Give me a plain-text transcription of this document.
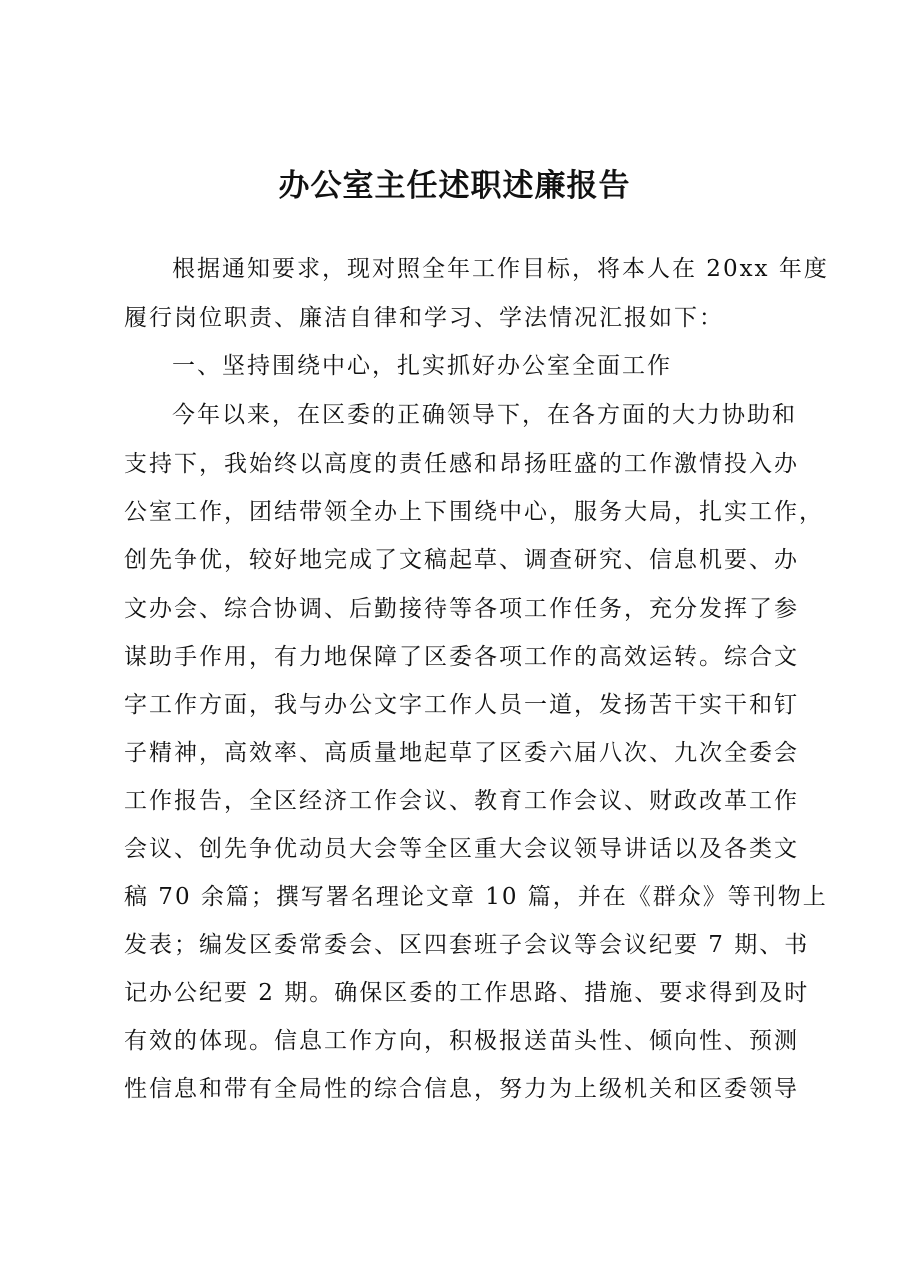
办公室主任述职述廉报告
根据通知要求，现对照全年工作目标，将本人在 20xx 年度
履行岗位职责、廉洁自律和学习、学法情况汇报如下：
一、坚持围绕中心，扎实抓好办公室全面工作
今年以来，在区委的正确领导下，在各方面的大力协助和
支持下，我始终以高度的责任感和昂扬旺盛的工作激情投入办
公室工作，团结带领全办上下围绕中心，服务大局，扎实工作，
创先争优，较好地完成了文稿起草、调查研究、信息机要、办
文办会、综合协调、后勤接待等各项工作任务，充分发挥了参
谋助手作用，有力地保障了区委各项工作的高效运转。综合文
字工作方面，我与办公文字工作人员一道，发扬苦干实干和钉
子精神，高效率、高质量地起草了区委六届八次、九次全委会
工作报告，全区经济工作会议、教育工作会议、财政改革工作
会议、创先争优动员大会等全区重大会议领导讲话以及各类文
稿 70 余篇；撰写署名理论文章 10 篇，并在《群众》等刊物上
发表；编发区委常委会、区四套班子会议等会议纪要 7 期、书
记办公纪要 2 期。确保区委的工作思路、措施、要求得到及时
有效的体现。信息工作方向，积极报送苗头性、倾向性、预测
性信息和带有全局性的综合信息，努力为上级机关和区委领导
